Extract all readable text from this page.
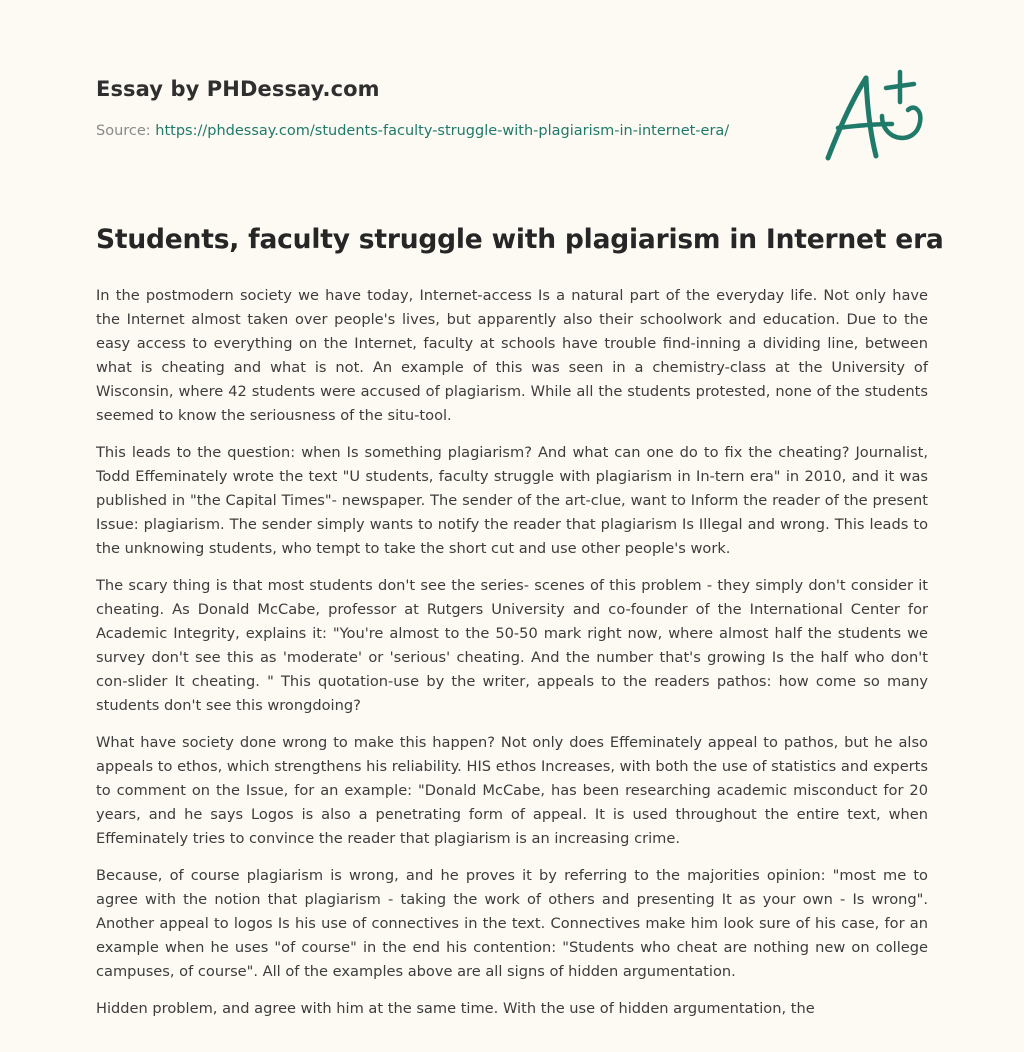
Essay by PHDessay.com
Source: https://phdessay.com/students-faculty-struggle-with-plagiarism-in-internet-era/
Students, faculty struggle with plagiarism in Internet era

In the postmodern society we have today, Internet-access Is a natural part of the everyday life. Not only have the Internet almost taken over people's lives, but apparently also their schoolwork and education. Due to the easy access to everything on the Internet, faculty at schools have trouble find-inning a dividing line, between what is cheating and what is not. An example of this was seen in a chemistry-class at the University of Wisconsin, where 42 students were accused of plagiarism. While all the students protested, none of the students seemed to know the seriousness of the situ-tool.

This leads to the question: when Is something plagiarism? And what can one do to fix the cheating? Journalist, Todd Effeminately wrote the text "U students, faculty struggle with plagiarism in In-tern era" in 2010, and it was published in "the Capital Times"- newspaper. The sender of the art-clue, want to Inform the reader of the present Issue: plagiarism. The sender simply wants to notify the reader that plagiarism Is Illegal and wrong. This leads to the unknowing students, who tempt to take the short cut and use other people's work.

The scary thing is that most students don't see the series- scenes of this problem - they simply don't consider it cheating. As Donald McCabe, professor at Rutgers University and co-founder of the International Center for Academic Integrity, explains it: "You're almost to the 50-50 mark right now, where almost half the students we survey don't see this as 'moderate' or 'serious' cheating. And the number that's growing Is the half who don't con-slider It cheating. " This quotation-use by the writer, appeals to the readers pathos: how come so many students don't see this wrongdoing?

What have society done wrong to make this happen? Not only does Effeminately appeal to pathos, but he also appeals to ethos, which strengthens his reliability. HIS ethos Increases, with both the use of statistics and experts to comment on the Issue, for an example: "Donald McCabe, has been researching academic misconduct for 20 years, and he says Logos is also a penetrating form of appeal. It is used throughout the entire text, when Effeminately tries to convince the reader that plagiarism is an increasing crime.

Because, of course plagiarism is wrong, and he proves it by referring to the majorities opinion: "most me to agree with the notion that plagiarism - taking the work of others and presenting It as your own - Is wrong". Another appeal to logos Is his use of connectives in the text. Connectives make him look sure of his case, for an example when he uses "of course" in the end his contention: "Students who cheat are nothing new on college campuses, of course". All of the examples above are all signs of hidden argumentation.

Hidden problem, and agree with him at the same time. With the use of hidden argumentation, the
